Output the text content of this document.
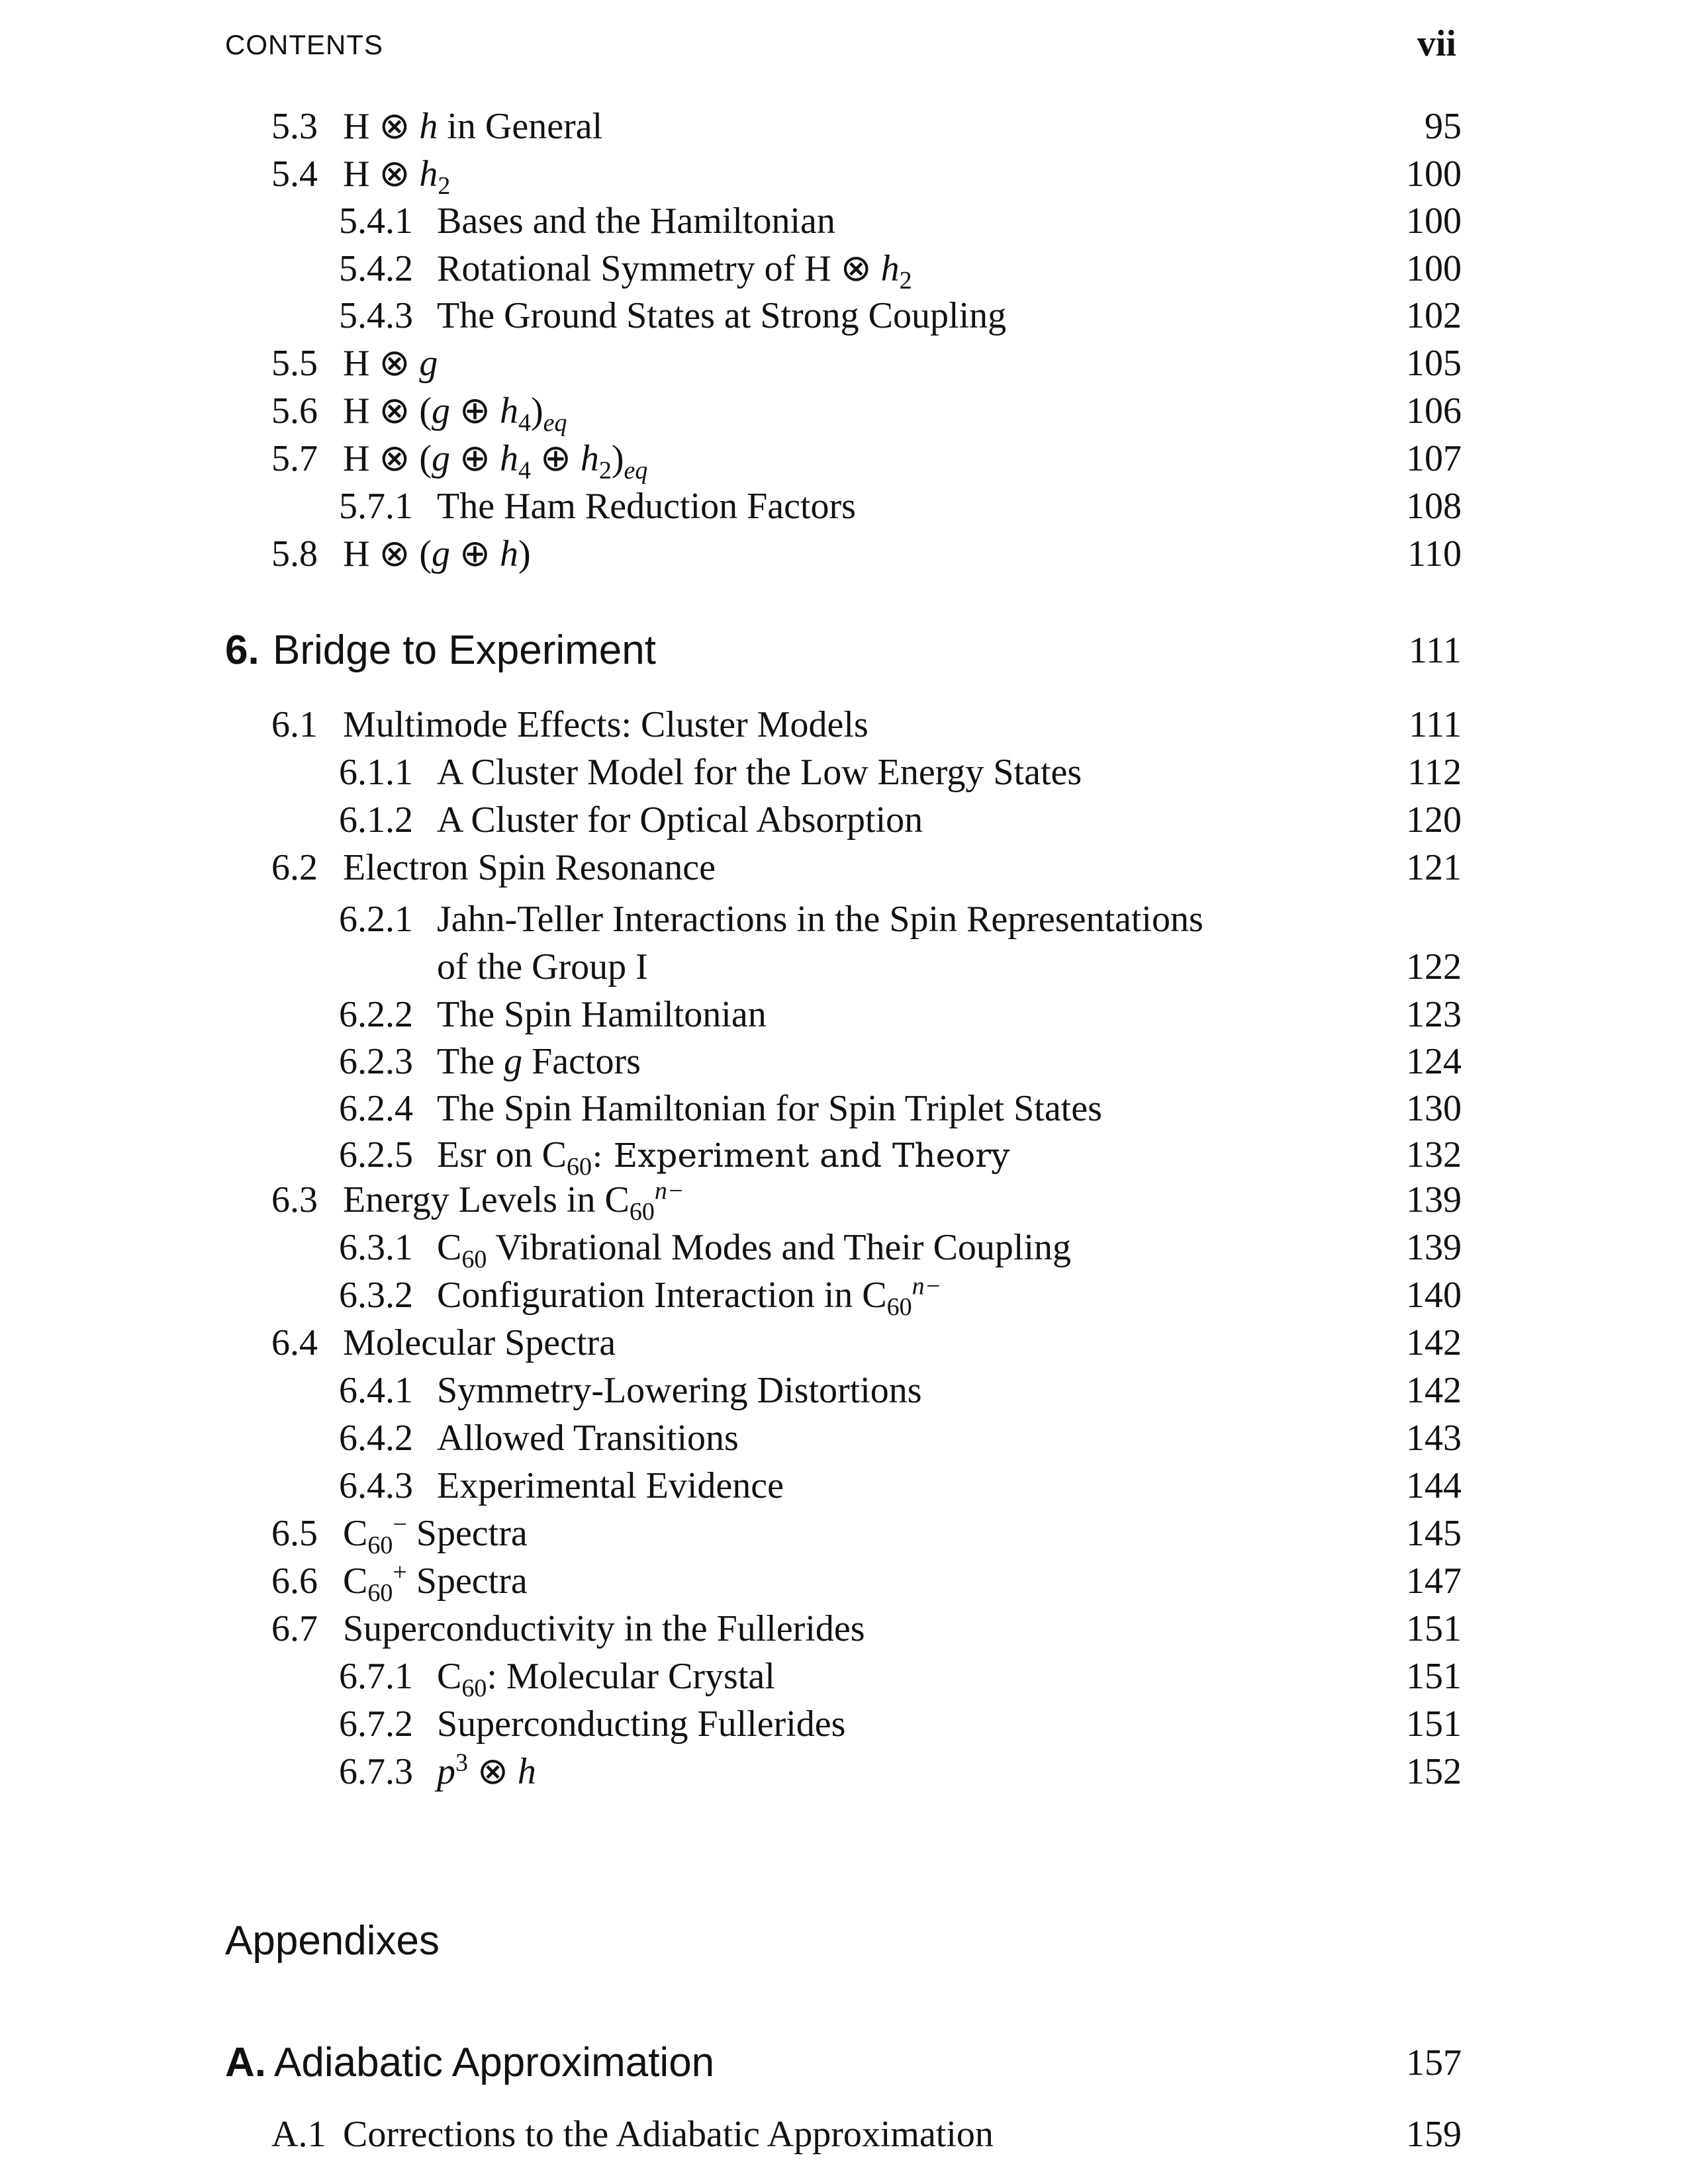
CONTENTS	vii
5.3 H ⊗ h in General	95
5.4 H ⊗ $h_2$	100
5.4.1 Bases and the Hamiltonian	100
5.4.2 Rotational Symmetry of H ⊗ $h_2$	100
5.4.3 The Ground States at Strong Coupling	102
5.5 H ⊗ g	105
5.6 H ⊗ (g ⊕ $h_4)_{eq}$	106
5.7 H ⊗ (g ⊕ $h_4$ ⊕ $h_2)_{eq}$	107
5.7.1 The Ham Reduction Factors	108
5.8 H ⊗ (g ⊕ h)	110
6. Bridge to Experiment	111
6.1 Multimode Effects: Cluster Models	111
6.1.1 A Cluster Model for the Low Energy States	112
6.1.2 A Cluster for Optical Absorption	120
6.2 Electron Spin Resonance	121
6.2.1 Jahn-Teller Interactions in the Spin Representations
of the Group I	122
6.2.2 The Spin Hamiltonian	123
6.2.3 The g Factors	124
6.2.4 The Spin Hamiltonian for Spin Triplet States	130
6.2.5 Esr on $C_{60}$: Experiment and Theory	132
6.3 Energy Levels in $C_{60}^{n-}$	139
6.3.1 $C_{60}$ Vibrational Modes and Their Coupling	139
6.3.2 Configuration Interaction in $C_{60}^{n-}$	140
6.4 Molecular Spectra	142
6.4.1 Symmetry-Lowering Distortions	142
6.4.2 Allowed Transitions	143
6.4.3 Experimental Evidence	144
6.5 $C_{60}^-$ Spectra	145
6.6 $C_{60}^+$ Spectra	147
6.7 Superconductivity in the Fullerides	151
6.7.1 $C_{60}$: Molecular Crystal	151
6.7.2 Superconducting Fullerides	151
6.7.3 $p^3$ ⊗ h	152
Appendixes
A. Adiabatic Approximation	157
A.1 Corrections to the Adiabatic Approximation	159
